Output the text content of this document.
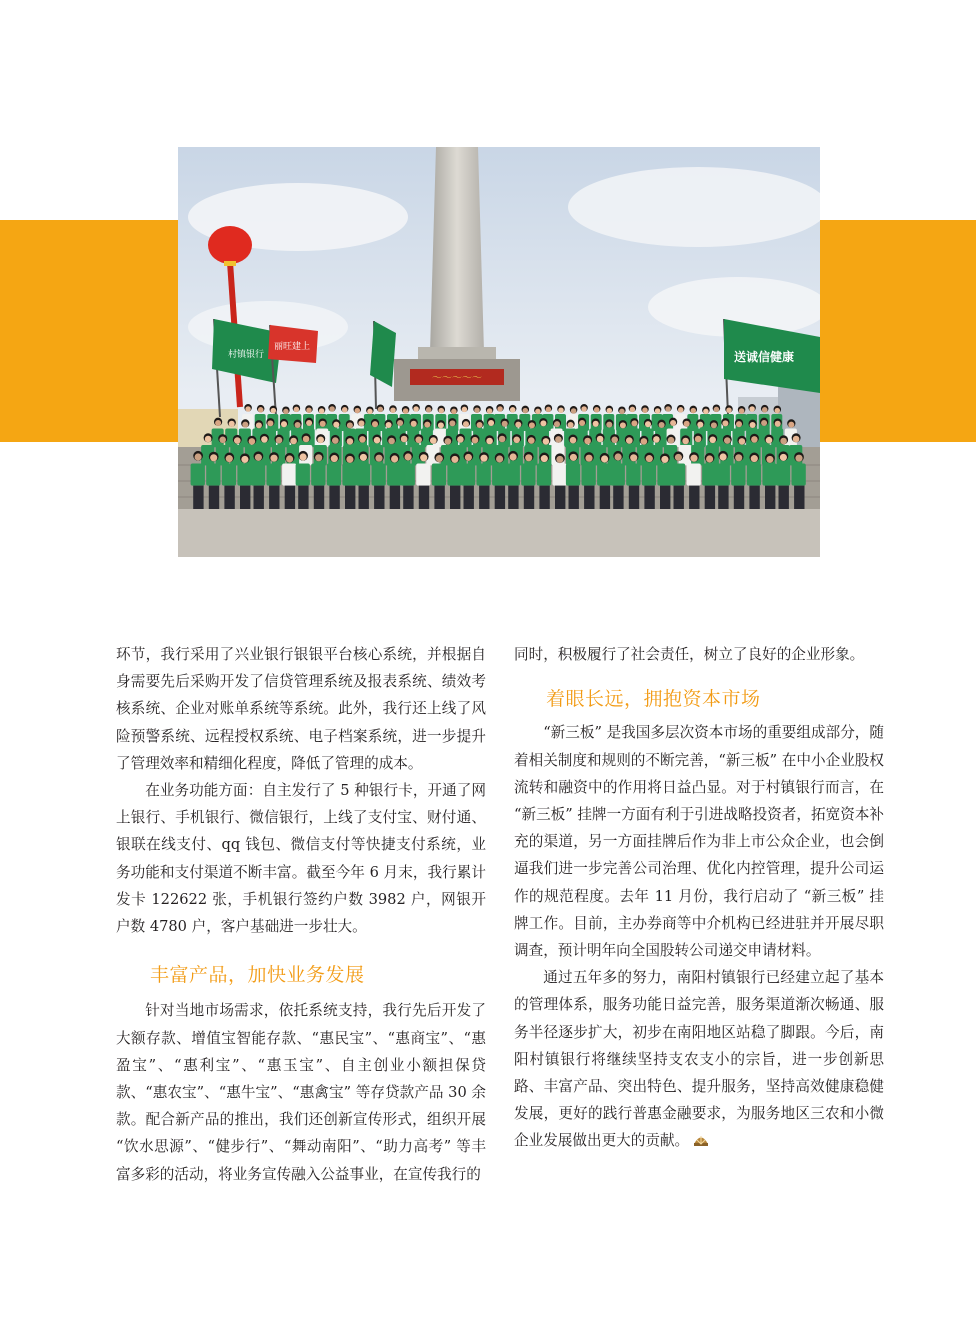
～～～～～
村镇银行
丽旺建上
送诚信健康

环节，我行采用了兴业银行银银平台核心系统，并根据自身需要先后采购开发了信贷管理系统及报表系统、绩效考核系统、企业对账单系统等系统。此外，我行还上线了风险预警系统、远程授权系统、电子档案系统，进一步提升了管理效率和精细化程度，降低了管理的成本。

在业务功能方面：自主发行了 5 种银行卡，开通了网上银行、手机银行、微信银行，上线了支付宝、财付通、银联在线支付、qq 钱包、微信支付等快捷支付系统，业务功能和支付渠道不断丰富。截至今年 6 月末，我行累计发卡 122622 张，手机银行签约户数 3982 户，网银开户数 4780 户，客户基础进一步壮大。

丰富产品，加快业务发展

针对当地市场需求，依托系统支持，我行先后开发了大额存款、增值宝智能存款、“惠民宝”、“惠商宝”、“惠盈宝”、“惠利宝”、“惠玉宝”、自主创业小额担保贷款、“惠农宝”、“惠牛宝”、“惠禽宝” 等存贷款产品 30 余款。配合新产品的推出，我们还创新宣传形式，组织开展 “饮水思源”、“健步行”、“舞动南阳”、“助力高考” 等丰富多彩的活动，将业务宣传融入公益事业，在宣传我行的

同时，积极履行了社会责任，树立了良好的企业形象。

着眼长远，拥抱资本市场

“新三板” 是我国多层次资本市场的重要组成部分，随着相关制度和规则的不断完善，“新三板” 在中小企业股权流转和融资中的作用将日益凸显。对于村镇银行而言，在 “新三板” 挂牌一方面有利于引进战略投资者，拓宽资本补充的渠道，另一方面挂牌后作为非上市公众企业，也会倒逼我们进一步完善公司治理、优化内控管理，提升公司运作的规范程度。去年 11 月份，我行启动了 “新三板” 挂牌工作。目前，主办券商等中介机构已经进驻并开展尽职调查，预计明年向全国股转公司递交申请材料。

通过五年多的努力，南阳村镇银行已经建立起了基本的管理体系，服务功能日益完善，服务渠道渐次畅通、服务半径逐步扩大，初步在南阳地区站稳了脚跟。今后，南阳村镇银行将继续坚持支农支小的宗旨，进一步创新思路、丰富产品、突出特色、提升服务，坚持高效健康稳健发展，更好的践行普惠金融要求，为服务地区三农和小微企业发展做出更大的贡献。
